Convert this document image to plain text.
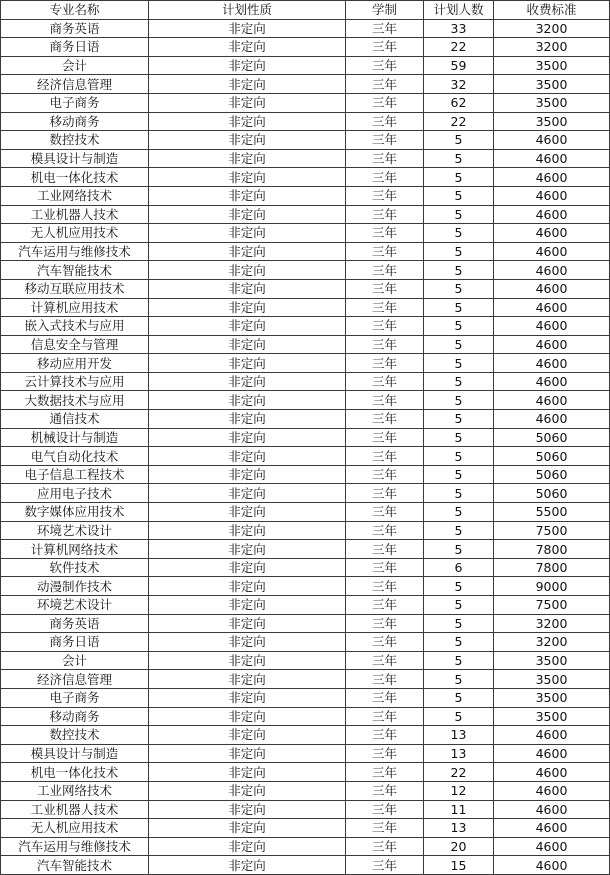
专业名称	计划性质	学制	计划人数	收费标准
商务英语	非定向	三年	33	3200
商务日语	非定向	三年	22	3200
会计	非定向	三年	59	3500
经济信息管理	非定向	三年	32	3500
电子商务	非定向	三年	62	3500
移动商务	非定向	三年	22	3500
数控技术	非定向	三年	5	4600
模具设计与制造	非定向	三年	5	4600
机电一体化技术	非定向	三年	5	4600
工业网络技术	非定向	三年	5	4600
工业机器人技术	非定向	三年	5	4600
无人机应用技术	非定向	三年	5	4600
汽车运用与维修技术	非定向	三年	5	4600
汽车智能技术	非定向	三年	5	4600
移动互联应用技术	非定向	三年	5	4600
计算机应用技术	非定向	三年	5	4600
嵌入式技术与应用	非定向	三年	5	4600
信息安全与管理	非定向	三年	5	4600
移动应用开发	非定向	三年	5	4600
云计算技术与应用	非定向	三年	5	4600
大数据技术与应用	非定向	三年	5	4600
通信技术	非定向	三年	5	4600
机械设计与制造	非定向	三年	5	5060
电气自动化技术	非定向	三年	5	5060
电子信息工程技术	非定向	三年	5	5060
应用电子技术	非定向	三年	5	5060
数字媒体应用技术	非定向	三年	5	5500
环境艺术设计	非定向	三年	5	7500
计算机网络技术	非定向	三年	5	7800
软件技术	非定向	三年	6	7800
动漫制作技术	非定向	三年	5	9000
环境艺术设计	非定向	三年	5	7500
商务英语	非定向	三年	5	3200
商务日语	非定向	三年	5	3200
会计	非定向	三年	5	3500
经济信息管理	非定向	三年	5	3500
电子商务	非定向	三年	5	3500
移动商务	非定向	三年	5	3500
数控技术	非定向	三年	13	4600
模具设计与制造	非定向	三年	13	4600
机电一体化技术	非定向	三年	22	4600
工业网络技术	非定向	三年	12	4600
工业机器人技术	非定向	三年	11	4600
无人机应用技术	非定向	三年	13	4600
汽车运用与维修技术	非定向	三年	20	4600
汽车智能技术	非定向	三年	15	4600
